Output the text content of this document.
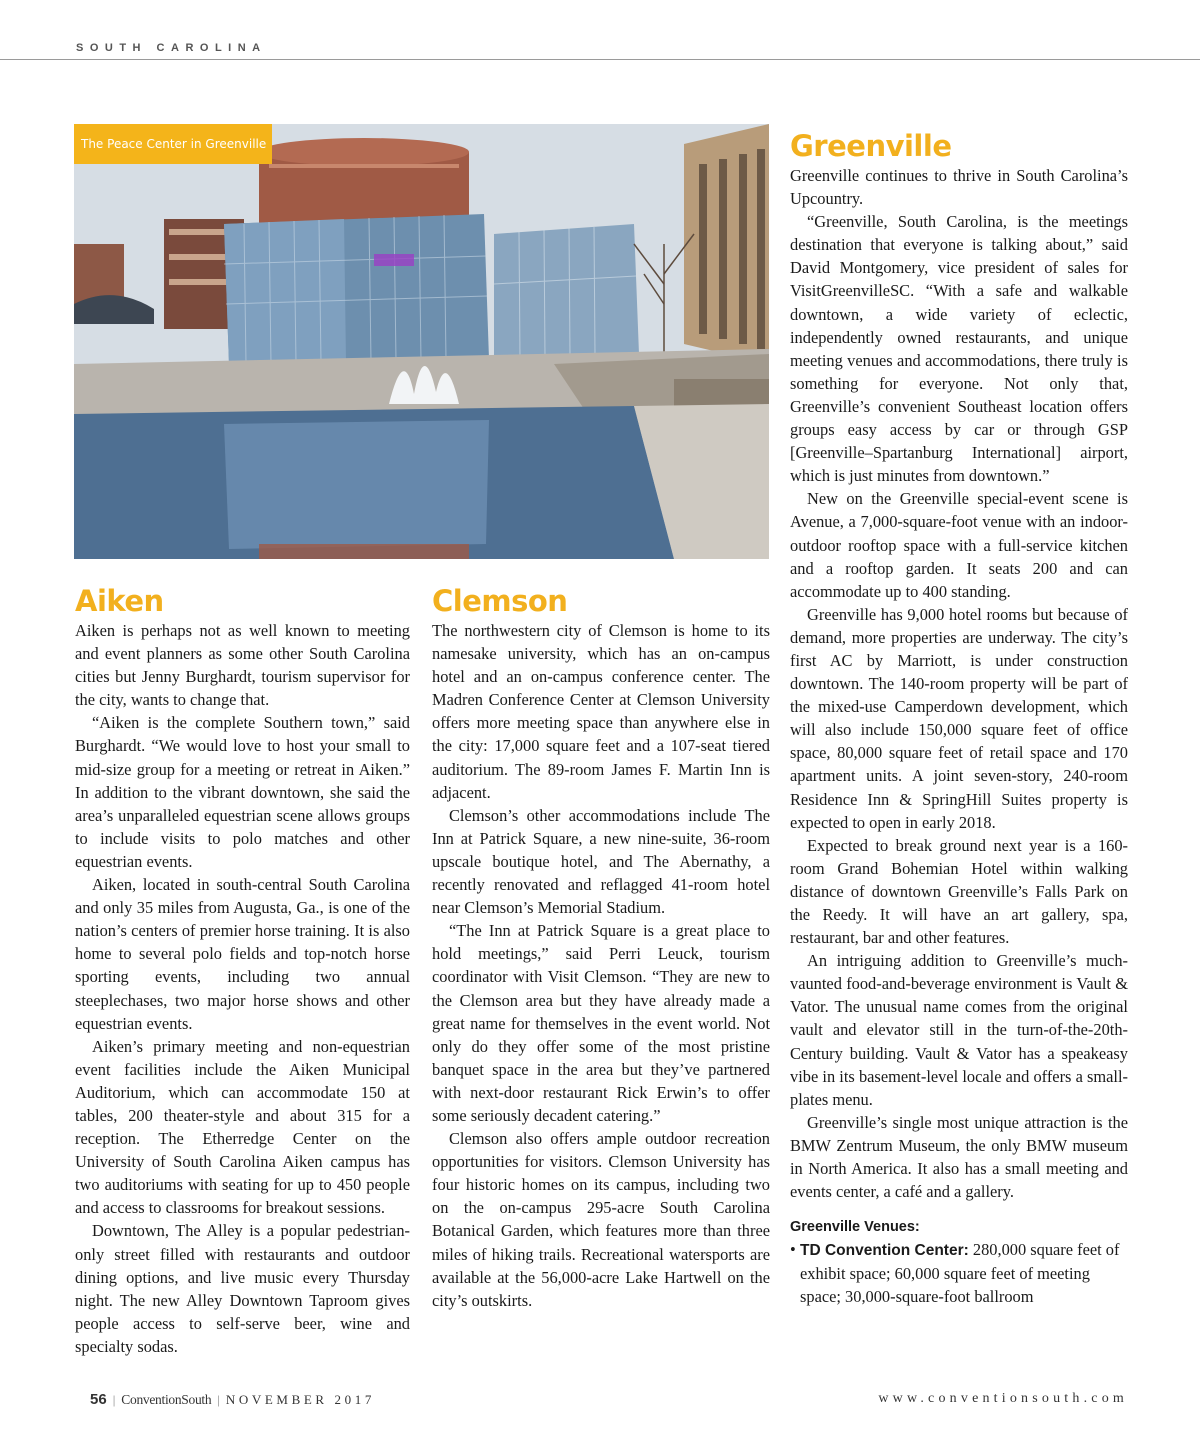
SOUTH CAROLINA
The Peace Center in Greenville
Aiken

Aiken is perhaps not as well known to meeting and event planners as some other South Carolina cities but Jenny Burghardt, tourism supervisor for the city, wants to change that.

“Aiken is the complete Southern town,” said Burghardt. “We would love to host your small to mid-size group for a meeting or retreat in Aiken.” In addition to the vibrant downtown, she said the area’s unparalleled equestrian scene allows groups to include visits to polo matches and other equestrian events.

Aiken, located in south-central South Carolina and only 35 miles from Augusta, Ga., is one of the nation’s centers of premier horse training. It is also home to several polo fields and top-notch horse sporting events, including two annual steeplechases, two major horse shows and other equestrian events.

Aiken’s primary meeting and non-equestrian event facilities include the Aiken Municipal Auditorium, which can accommodate 150 at tables, 200 theater-style and about 315 for a reception. The Etherredge Center on the University of South Carolina Aiken campus has two auditoriums with seating for up to 450 people and access to classrooms for breakout sessions.

Downtown, The Alley is a popular pedestrian-only street filled with restaurants and outdoor dining options, and live music every Thursday night. The new Alley Downtown Taproom gives people access to self-serve beer, wine and specialty sodas.

Clemson

The northwestern city of Clemson is home to its namesake university, which has an on-campus hotel and an on-campus conference center. The Madren Conference Center at Clemson University offers more meeting space than anywhere else in the city: 17,000 square feet and a 107-seat tiered auditorium. The 89-room James F. Martin Inn is adjacent.

Clemson’s other accommodations include The Inn at Patrick Square, a new nine-suite, 36-room upscale boutique hotel, and The Abernathy, a recently renovated and reflagged 41-room hotel near Clemson’s Memorial Stadium.

“The Inn at Patrick Square is a great place to hold meetings,” said Perri Leuck, tourism coordinator with Visit Clemson. “They are new to the Clemson area but they have already made a great name for themselves in the event world. Not only do they offer some of the most pristine banquet space in the area but they’ve partnered with next-door restaurant Rick Erwin’s to offer some seriously decadent catering.”

Clemson also offers ample outdoor recreation opportunities for visitors. Clemson University has four historic homes on its campus, including two on the on-campus 295-acre South Carolina Botanical Garden, which features more than three miles of hiking trails. Recreational watersports are available at the 56,000-acre Lake Hartwell on the city’s outskirts.

Greenville

Greenville continues to thrive in South Carolina’s Upcountry.

“Greenville, South Carolina, is the meetings destination that everyone is talking about,” said David Montgomery, vice president of sales for VisitGreenvilleSC. “With a safe and walkable downtown, a wide variety of eclectic, independently owned restaurants, and unique meeting venues and accommodations, there truly is something for everyone. Not only that, Greenville’s convenient Southeast location offers groups easy access by car or through GSP [Greenville–Spartanburg International] airport, which is just minutes from downtown.”

New on the Greenville special-event scene is Avenue, a 7,000-square-foot venue with an indoor-outdoor rooftop space with a full-service kitchen and a rooftop garden. It seats 200 and can accommodate up to 400 standing.

Greenville has 9,000 hotel rooms but because of demand, more properties are underway. The city’s first AC by Marriott, is under construction downtown. The 140-room property will be part of the mixed-use Camperdown development, which will also include 150,000 square feet of office space, 80,000 square feet of retail space and 170 apartment units. A joint seven-story, 240-room Residence Inn & SpringHill Suites property is expected to open in early 2018.

Expected to break ground next year is a 160-room Grand Bohemian Hotel within walking distance of downtown Greenville’s Falls Park on the Reedy. It will have an art gallery, spa, restaurant, bar and other features.

An intriguing addition to Greenville’s much-vaunted food-and-beverage environment is Vault & Vator. The unusual name comes from the original vault and elevator still in the turn-of-the-20th- Century building. Vault & Vator has a speakeasy vibe in its basement-level locale and offers a small-plates menu.

Greenville’s single most unique attraction is the BMW Zentrum Museum, the only BMW museum in North America. It also has a small meeting and events center, a café and a gallery.

Greenville Venues:
• TD Convention Center: 280,000 square feet of exhibit space; 60,000 square feet of meeting space; 30,000-square-foot ballroom
56 | ConventionSouth | NOVEMBER 2017	www.conventionsouth.com
